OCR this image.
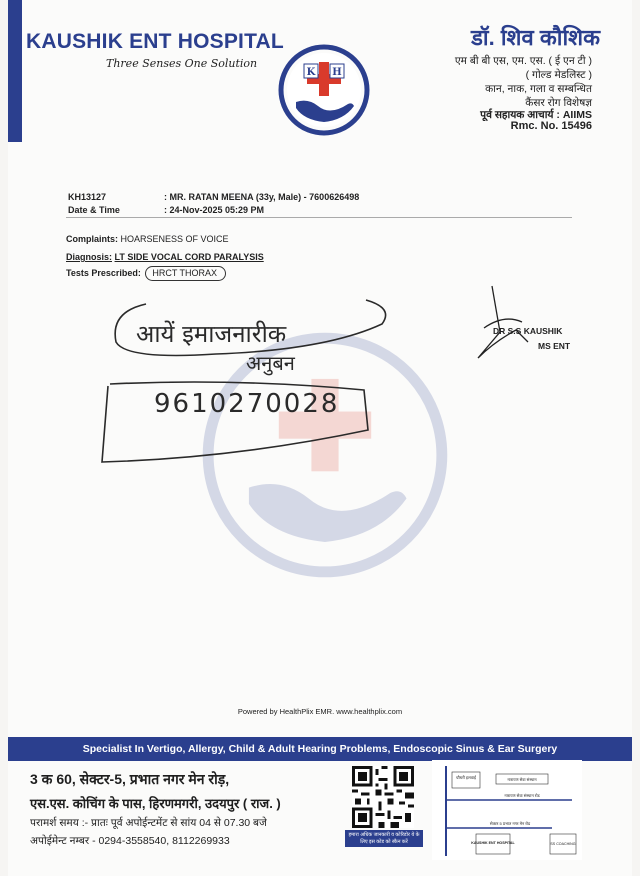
KAUSHIK ENT HOSPITAL
Three Senses One Solution
K H
डॉ. शिव कौशिक
एम बी बी एस, एम. एस. ( ई एन टी )
( गोल्ड मेडलिस्ट )
कान, नाक, गला व सम्बन्धित
कैंसर रोग विशेषज्ञ
पूर्व सहायक आचार्य : AIIMS
Rmc. No. 15496
KH13127	: MR. RATAN MEENA (33y, Male) - 7600626498
Date & Time	: 24-Nov-2025 05:29 PM
Complaints: HOARSENESS OF VOICE
Diagnosis: LT SIDE VOCAL CORD PARALYSIS
Tests Prescribed: HRCT THORAX
आयें इमाजनारीक
अनुबन
9610270028
DR S.S KAUSHIK
MS ENT
Powered by HealthPlix EMR. www.healthplix.com
Specialist In Vertigo, Allergy, Child & Adult Hearing Problems, Endoscopic Sinus & Ear Surgery
3 क 60, सेक्टर-5, प्रभात नगर मेन रोड़,
एस.एस. कोचिंग के पास, हिरणमगरी, उदयपुर ( राज. )
परामर्श समय :- प्रातः पूर्व अपोईन्टमेंट से सांय 04 से 07.30 बजे
अपोईमेन्ट नम्बर - 0294-3558540, 8112269933	हमारा अधिक जानकारी व कोरिडोर ये के लिए इस कोड को स्कैन करें
चौधरी हलवाई	नारायण सेवा संस्थान
नारायण सेवा संस्थान रोड
सेक्टर 5 प्रभात नगर मेन रोड
KAUSHIK ENT HOSPITAL	SS COACHING
